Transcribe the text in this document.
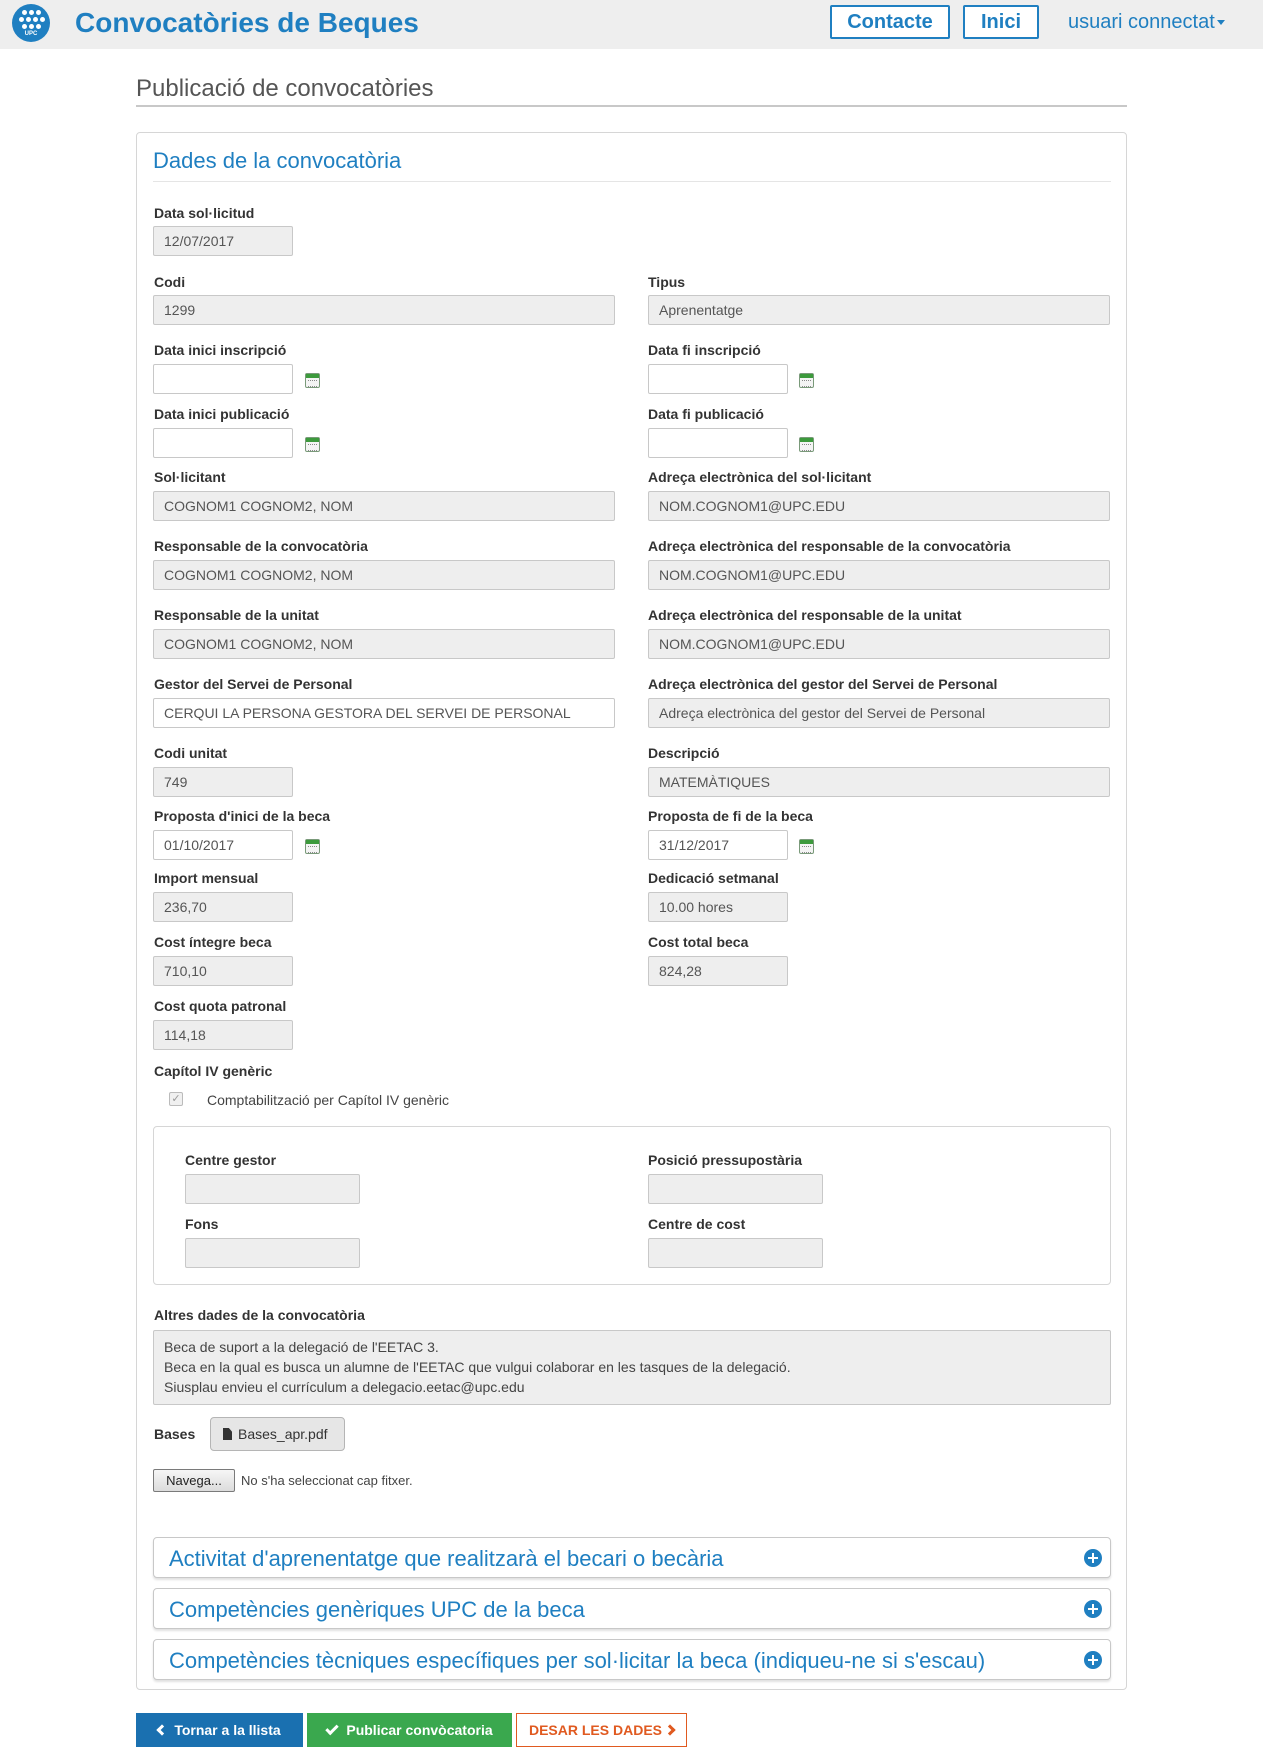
UPC	Convocatòries de Beques	Contacte	Inici	usuari connectat
Publicació de convocatòries
Dades de la convocatòria
Data sol·licitud
12/07/2017
Codi
1299
Tipus
Aprenentatge
Data inici inscripció	Data fi inscripció
Data inici publicació	Data fi publicació
Sol·licitant
COGNOM1 COGNOM2, NOM
Adreça electrònica del sol·licitant
NOM.COGNOM1@UPC.EDU
Responsable de la convocatòria
COGNOM1 COGNOM2, NOM
Adreça electrònica del responsable de la convocatòria
NOM.COGNOM1@UPC.EDU
Responsable de la unitat
COGNOM1 COGNOM2, NOM
Adreça electrònica del responsable de la unitat
NOM.COGNOM1@UPC.EDU
Gestor del Servei de Personal
CERQUI LA PERSONA GESTORA DEL SERVEI DE PERSONAL
Adreça electrònica del gestor del Servei de Personal
Adreça electrònica del gestor del Servei de Personal
Codi unitat
749
Descripció
MATEMÀTIQUES
Proposta d'inici de la beca
01/10/2017
Proposta de fi de la beca
31/12/2017
Import mensual
236,70
Dedicació setmanal
10.00 hores
Cost íntegre beca
710,10
Cost total beca
824,28
Cost quota patronal
114,18
Capítol IV genèric
✓ Comptabilització per Capítol IV genèric
Centre gestor	Posició pressupostària
Fons	Centre de cost
Altres dades de la convocatòria
Beca de suport a la delegació de l'EETAC 3.
Beca en la qual es busca un alumne de l'EETAC que vulgui colaborar en les tasques de la delegació.
Siusplau envieu el currículum a delegacio.eetac@upc.edu
Bases	Bases_apr.pdf
Navega...	No s'ha seleccionat cap fitxer.
Activitat d'aprenentatge que realitzarà el becari o becària
Competències genèriques UPC de la beca
Competències tècniques específiques per sol·licitar la beca (indiqueu-ne si s'escau)
Tornar a la llista	Publicar convòcatoria	DESAR LES DADES
